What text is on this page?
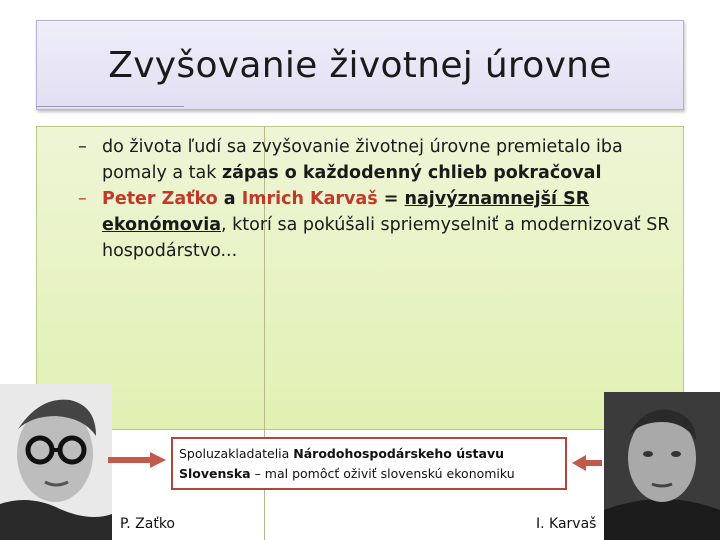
Zvyšovanie životnej úrovne
– do života ľudí sa zvyšovanie životnej úrovne premietalo iba pomaly a tak zápas o každodenný chlieb pokračoval
– Peter Zaťko a Imrich Karvaš = najvýznamnejší SR ekonómovia, ktorí sa pokúšali spriemyselniť a modernizovať SR hospodárstvo...
Spoluzakladatelia Národohospodárskeho ústavu Slovenska – mal pomôcť oživiť slovenskú ekonomiku
P. Zaťko	I. Karvaš
